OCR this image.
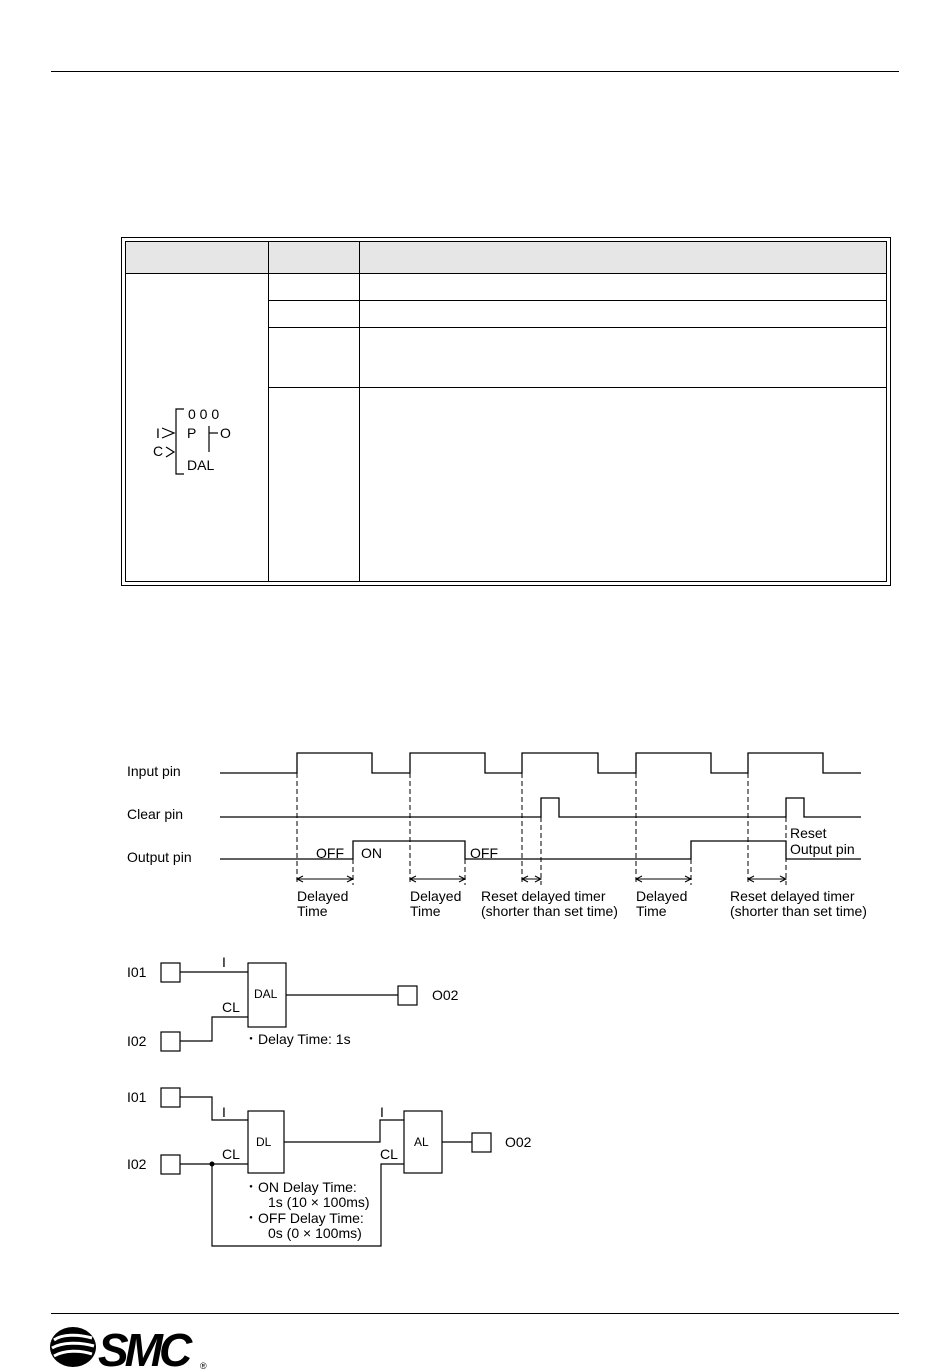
0 0 0
P
I
C
O
DAL
Input pin
Clear pin
Output pin	OFF ON	OFF
Reset
Output pin
Delayed
Time
Delayed
Time
Reset delayed timer
(shorter than set time)
Delayed
Time
Reset delayed timer
(shorter than set time)
I01
I02
I
CL
O02
・Delay Time: 1s
DAL
I01
I02
I
CL
I
CL
O02
・ON Delay Time:
1s (10 × 100ms)
・OFF Delay Time:
0s (0 × 100ms)
DL	AL
SMC	®
